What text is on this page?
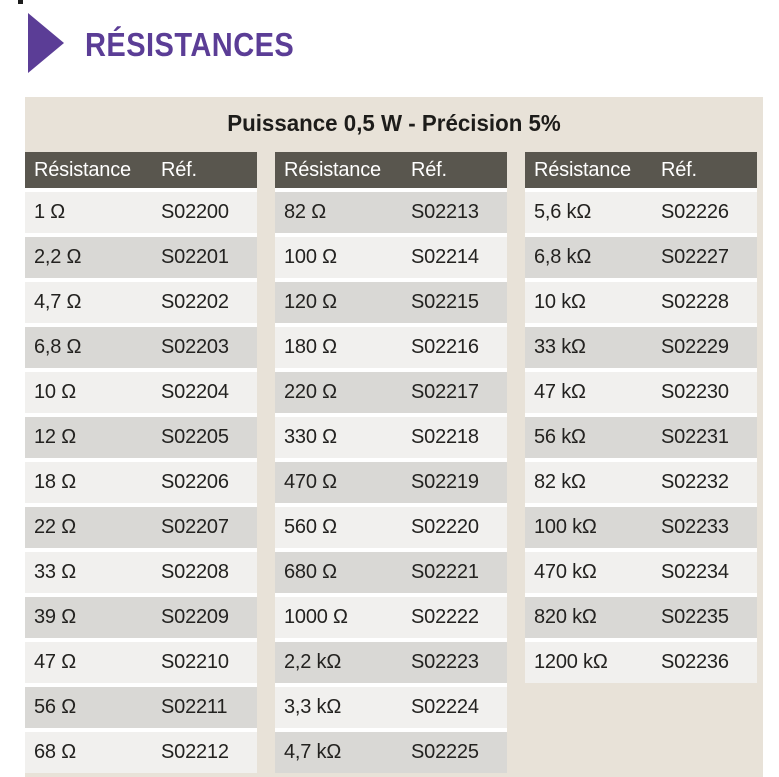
RÉSISTANCES

Puissance 0,5 W - Précision 5%

Résistance	Réf.
1 Ω	S02200
2,2 Ω	S02201
4,7 Ω	S02202
6,8 Ω	S02203
10 Ω	S02204
12 Ω	S02205
18 Ω	S02206
22 Ω	S02207
33 Ω	S02208
39 Ω	S02209
47 Ω	S02210
56 Ω	S02211
68 Ω	S02212
Résistance	Réf.
82 Ω	S02213
100 Ω	S02214
120 Ω	S02215
180 Ω	S02216
220 Ω	S02217
330 Ω	S02218
470 Ω	S02219
560 Ω	S02220
680 Ω	S02221
1000 Ω	S02222
2,2 kΩ	S02223
3,3 kΩ	S02224
4,7 kΩ	S02225
Résistance	Réf.
5,6 kΩ	S02226
6,8 kΩ	S02227
10 kΩ	S02228
33 kΩ	S02229
47 kΩ	S02230
56 kΩ	S02231
82 kΩ	S02232
100 kΩ	S02233
470 kΩ	S02234
820 kΩ	S02235
1200 kΩ	S02236
